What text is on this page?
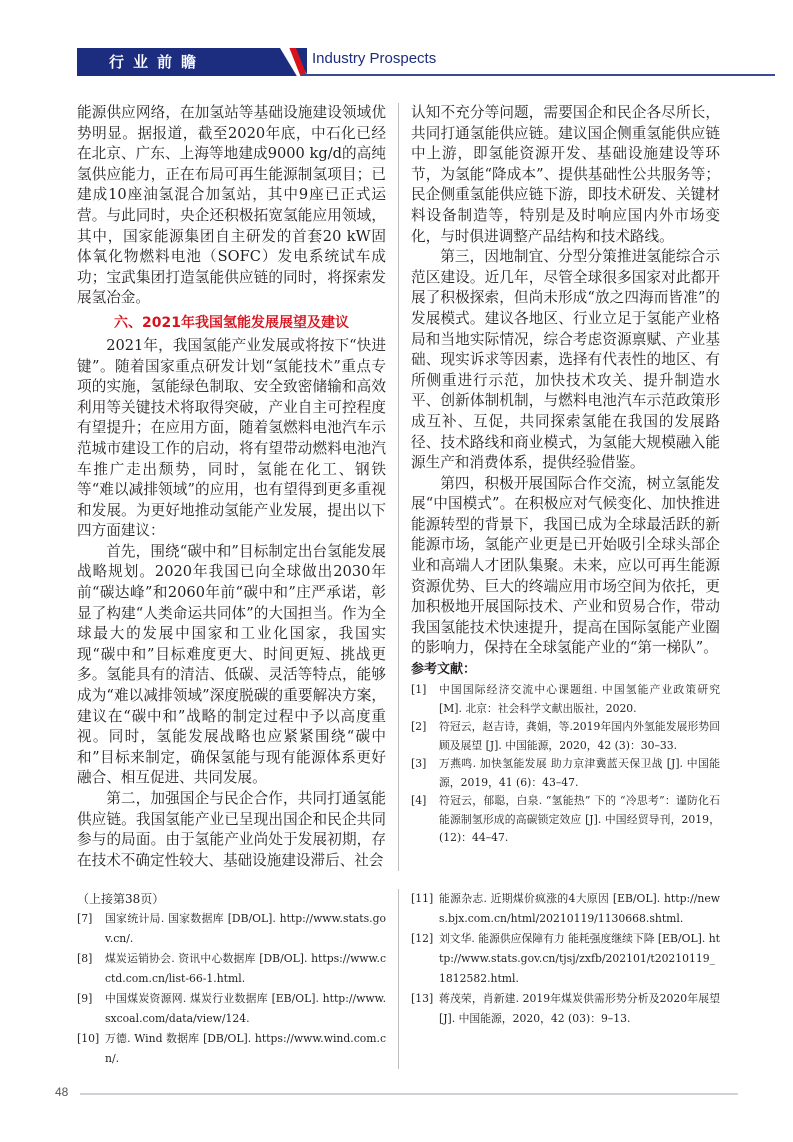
行业前瞻	Industry Prospects

能源供应网络，在加氢站等基础设施建设领域优势明显。据报道，截至2020年底，中石化已经在北京、广东、上海等地建成9000 kg/d的高纯氢供应能力，正在布局可再生能源制氢项目；已建成10座油氢混合加氢站，其中9座已正式运营。与此同时，央企还积极拓宽氢能应用领域，其中，国家能源集团自主研发的首套20 kW固体氧化物燃料电池（SOFC）发电系统试车成功；宝武集团打造氢能供应链的同时，将探索发展氢冶金。

六、2021年我国氢能发展展望及建议

2021年，我国氢能产业发展或将按下“快进键”。随着国家重点研发计划“氢能技术”重点专项的实施，氢能绿色制取、安全致密储输和高效利用等关键技术将取得突破，产业自主可控程度有望提升；在应用方面，随着氢燃料电池汽车示范城市建设工作的启动，将有望带动燃料电池汽车推广走出颓势，同时，氢能在化工、钢铁等“难以减排领域”的应用，也有望得到更多重视和发展。为更好地推动氢能产业发展，提出以下四方面建议：

首先，围绕“碳中和”目标制定出台氢能发展战略规划。2020年我国已向全球做出2030年前“碳达峰”和2060年前“碳中和”庄严承诺，彰显了构建“人类命运共同体”的大国担当。作为全球最大的发展中国家和工业化国家，我国实现“碳中和”目标难度更大、时间更短、挑战更多。氢能具有的清洁、低碳、灵活等特点，能够成为“难以减排领域”深度脱碳的重要解决方案，建议在“碳中和”战略的制定过程中予以高度重视。同时，氢能发展战略也应紧紧围绕“碳中和”目标来制定，确保氢能与现有能源体系更好融合、相互促进、共同发展。

第二，加强国企与民企合作，共同打通氢能供应链。我国氢能产业已呈现出国企和民企共同参与的局面。由于氢能产业尚处于发展初期，存在技术不确定性较大、基础设施建设滞后、社会

认知不充分等问题，需要国企和民企各尽所长，共同打通氢能供应链。建议国企侧重氢能供应链中上游，即氢能资源开发、基础设施建设等环节，为氢能“降成本”、提供基础性公共服务等；民企侧重氢能供应链下游，即技术研发、关键材料设备制造等，特别是及时响应国内外市场变化，与时俱进调整产品结构和技术路线。

第三，因地制宜、分型分策推进氢能综合示范区建设。近几年，尽管全球很多国家对此都开展了积极探索，但尚未形成“放之四海而皆准”的发展模式。建议各地区、行业立足于氢能产业格局和当地实际情况，综合考虑资源禀赋、产业基础、现实诉求等因素，选择有代表性的地区、有所侧重进行示范，加快技术攻关、提升制造水平、创新体制机制，与燃料电池汽车示范政策形成互补、互促，共同探索氢能在我国的发展路径、技术路线和商业模式，为氢能大规模融入能源生产和消费体系，提供经验借鉴。

第四，积极开展国际合作交流，树立氢能发展“中国模式”。在积极应对气候变化、加快推进能源转型的背景下，我国已成为全球最活跃的新能源市场，氢能产业更是已开始吸引全球头部企业和高端人才团队集聚。未来，应以可再生能源资源优势、巨大的终端应用市场空间为依托，更加积极地开展国际技术、产业和贸易合作，带动我国氢能技术快速提升，提高在国际氢能产业圈的影响力，保持在全球氢能产业的“第一梯队”。

参考文献：
[1]	中国国际经济交流中心课题组. 中国氢能产业政策研究 [M]. 北京：社会科学文献出版社，2020.
[2]	符冠云，赵吉诗，龚娟，等.2019年国内外氢能发展形势回顾及展望 [J]. 中国能源，2020，42 (3)：30–33.
[3]	万燕鸣. 加快氢能发展 助力京津冀蓝天保卫战 [J]. 中国能源，2019，41 (6)：43–47.
[4]	符冠云，郁聪，白泉. “氢能热” 下的 “冷思考”：谨防化石能源制氢形成的高碳锁定效应 [J]. 中国经贸导刊，2019，(12)：44–47.
（上接第38页）
[7]	国家统计局. 国家数据库 [DB/OL]. http://www.stats.gov.cn/.
[8]	煤炭运销协会. 资讯中心数据库 [DB/OL]. https://www.cctd.com.cn/list-66-1.html.
[9]	中国煤炭资源网. 煤炭行业数据库 [EB/OL]. http://www.sxcoal.com/data/view/124.
[10] 万德. Wind 数据库 [DB/OL]. https://www.wind.com.cn/.
[11] 能源杂志. 近期煤价疯涨的4大原因 [EB/OL]. http://news.bjx.com.cn/html/20210119/1130668.shtml.
[12] 刘文华. 能源供应保障有力 能耗强度继续下降 [EB/OL]. http://www.stats.gov.cn/tjsj/zxfb/202101/t20210119_1812582.html.
[13] 蒋茂荣，肖新建. 2019年煤炭供需形势分析及2020年展望 [J]. 中国能源，2020，42 (03)：9–13.
48
